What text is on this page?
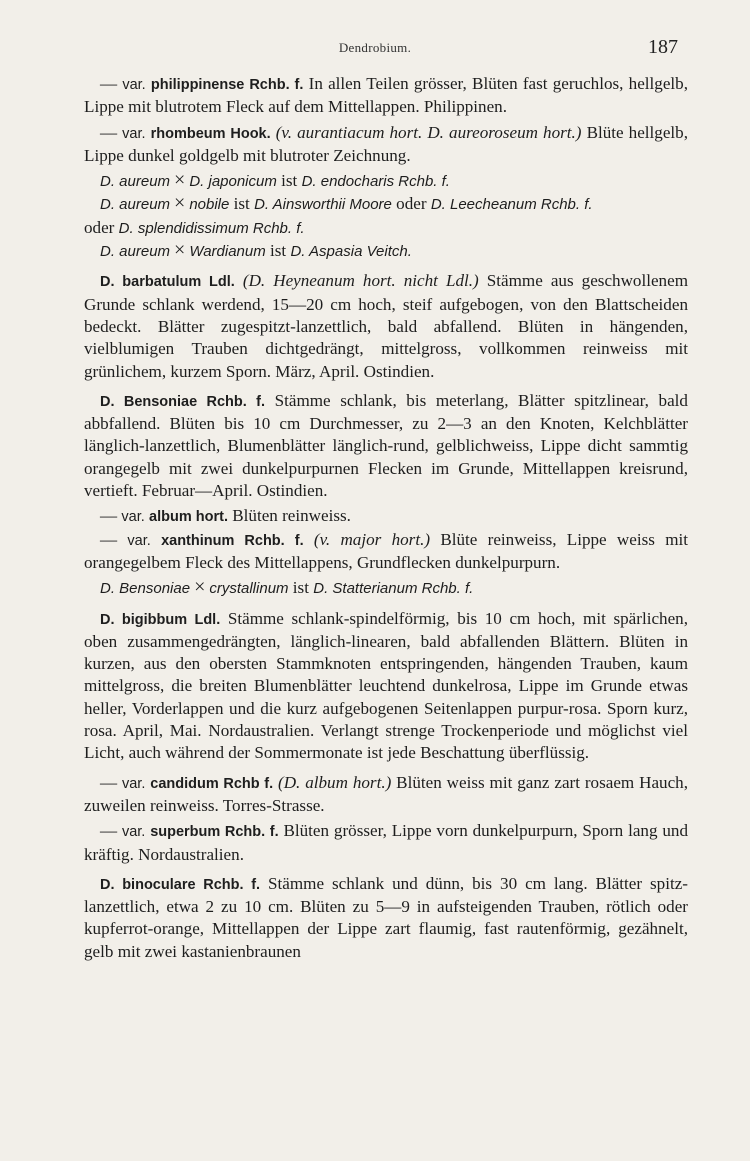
Dendrobium.	187

— var. philippinense Rchb. f. In allen Teilen grösser, Blüten fast geruchlos, hellgelb, Lippe mit blutrotem Fleck auf dem Mittellappen. Philippinen.

— var. rhombeum Hook. (v. aurantiacum hort. D. aureoroseum hort.) Blüte hellgelb, Lippe dunkel goldgelb mit blutroter Zeichnung.

D. aureum × D. japonicum ist D. endocharis Rchb. f.

D. aureum × nobile ist D. Ainsworthii Moore oder D. Leecheanum Rchb. f.
oder D. splendidissimum Rchb. f.

D. aureum × Wardianum ist D. Aspasia Veitch.

D. barbatulum Ldl. (D. Heyneanum hort. nicht Ldl.) Stämme aus geschwollenem Grunde schlank werdend, 15—20 cm hoch, steif aufgebogen, von den Blattscheiden bedeckt. Blätter zugespitzt-lanzettlich, bald abfallend. Blüten in hängenden, vielblumigen Trauben dichtgedrängt, mittelgross, vollkommen reinweiss mit grünlichem, kurzem Sporn. März, April. Ostindien.

D. Bensoniae Rchb. f. Stämme schlank, bis meterlang, Blätter spitzlinear, bald abbfallend. Blüten bis 10 cm Durchmesser, zu 2—3 an den Knoten, Kelchblätter länglich-lanzettlich, Blumenblätter länglich-rund, gelblichweiss, Lippe dicht sammtig orangegelb mit zwei dunkelpurpurnen Flecken im Grunde, Mittellappen kreisrund, vertieft. Februar—April. Ostindien.

— var. album hort. Blüten reinweiss.

— var. xanthinum Rchb. f. (v. major hort.) Blüte reinweiss, Lippe weiss mit orangegelbem Fleck des Mittellappens, Grundflecken dunkelpurpurn.

D. Bensoniae × crystallinum ist D. Statterianum Rchb. f.

D. bigibbum Ldl. Stämme schlank-spindelförmig, bis 10 cm hoch, mit spärlichen, oben zusammengedrängten, länglich-linearen, bald abfallenden Blättern. Blüten in kurzen, aus den obersten Stammknoten entspringenden, hängenden Trauben, kaum mittelgross, die breiten Blumenblätter leuchtend dunkelrosa, Lippe im Grunde etwas heller, Vorderlappen und die kurz aufgebogenen Seitenlappen purpur-rosa. Sporn kurz, rosa. April, Mai. Nordaustralien. Verlangt strenge Trockenperiode und möglichst viel Licht, auch während der Sommermonate ist jede Beschattung überflüssig.

— var. candidum Rchb f. (D. album hort.) Blüten weiss mit ganz zart rosaem Hauch, zuweilen reinweiss. Torres-Strasse.

— var. superbum Rchb. f. Blüten grösser, Lippe vorn dunkelpurpurn, Sporn lang und kräftig. Nordaustralien.

D. binoculare Rchb. f. Stämme schlank und dünn, bis 30 cm lang. Blätter spitz-lanzettlich, etwa 2 zu 10 cm. Blüten zu 5—9 in aufsteigenden Trauben, rötlich oder kupferrot-orange, Mittellappen der Lippe zart flaumig, fast rautenförmig, gezähnelt, gelb mit zwei kastanienbraunen
